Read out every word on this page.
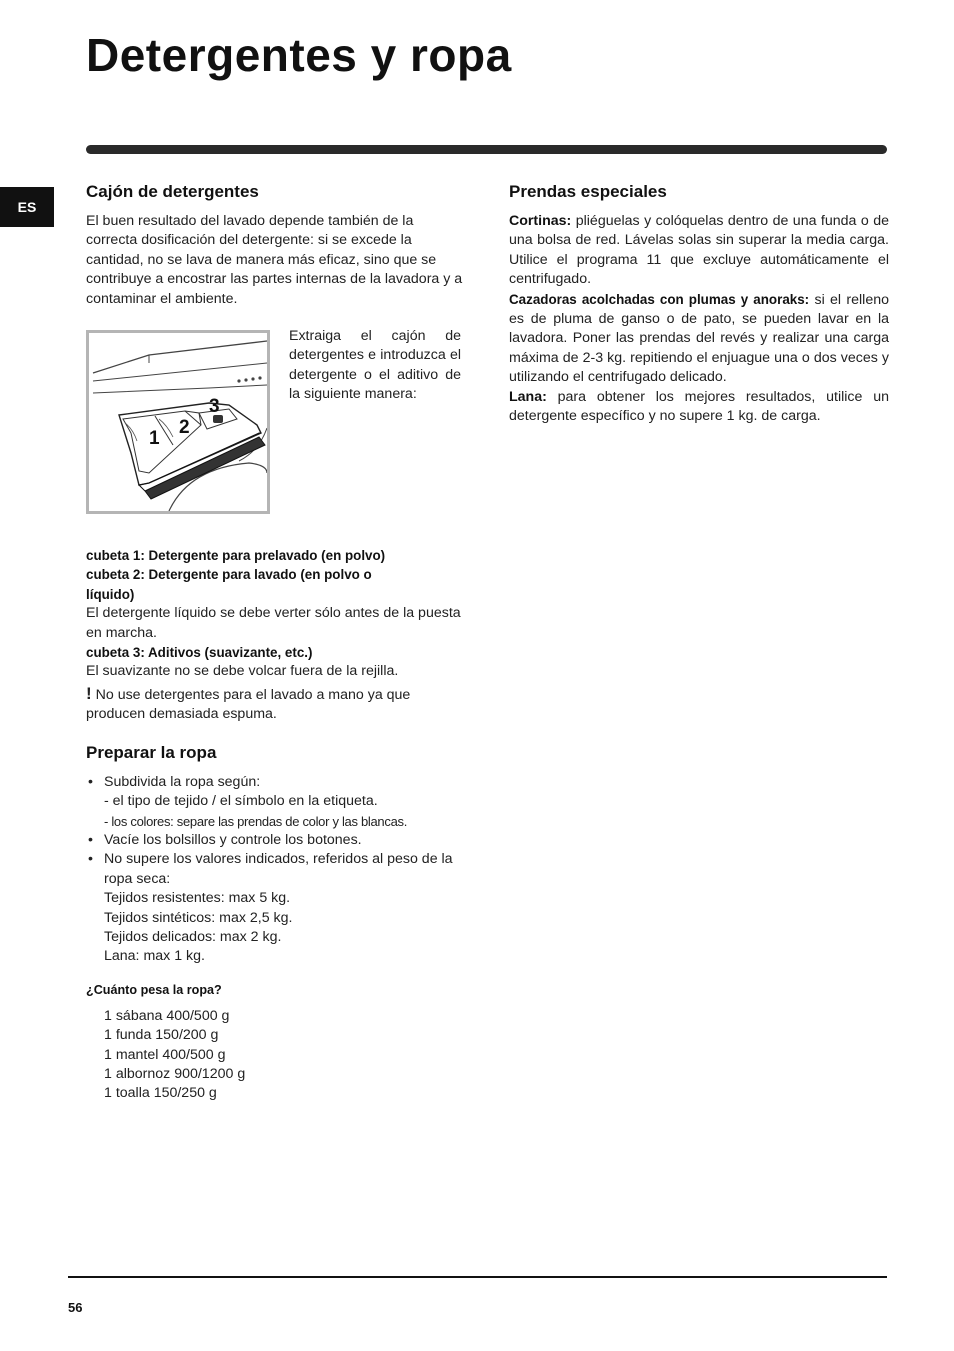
Detergentes y ropa
ES
Cajón de detergentes

El buen resultado del lavado depende también de la correcta dosificación del detergente: si se excede la cantidad, no se lava de manera más eficaz, sino que se contribuye a encostrar las partes internas de la lavadora y a contaminar el ambiente.

1
2
3

Extraiga el cajón de detergentes e introduzca el detergente o el aditivo de la siguiente manera:

cubeta 1: Detergente para prelavado (en polvo)

cubeta 2: Detergente para lavado (en polvo o líquido)

El detergente líquido se debe verter sólo antes de la puesta en marcha.

cubeta 3: Aditivos (suavizante, etc.)

El suavizante no se debe volcar fuera de la rejilla.

! No use detergentes para el lavado a mano ya que producen demasiada espuma.

Preparar la ropa
• Subdivida la ropa según:
- el tipo de tejido / el símbolo en la etiqueta.
- los colores: separe las prendas de color y las blancas.
• Vacíe los bolsillos y controle los botones.
• No supere los valores indicados, referidos al peso de la ropa seca:
Tejidos resistentes: max 5 kg.
Tejidos sintéticos: max 2,5 kg.
Tejidos delicados: max 2 kg.
Lana: max 1 kg.
¿Cuánto pesa la ropa?
1 sábana 400/500 g
1 funda 150/200 g
1 mantel 400/500 g
1 albornoz 900/1200 g
1 toalla 150/250 g
Prendas especiales

Cortinas: pliéguelas y colóquelas dentro de una funda o de una bolsa de red. Lávelas solas sin superar la media carga. Utilice el programa 11 que excluye automáticamente el centrifugado.

Cazadoras acolchadas con plumas y anoraks: si el relleno es de pluma de ganso o de pato, se pueden lavar en la lavadora. Poner las prendas del revés y realizar una carga máxima de 2-3 kg. repitiendo el enjuague una o dos veces y utilizando el centrifugado delicado.

Lana: para obtener los mejores resultados, utilice un detergente específico y no supere 1 kg. de carga.

56
